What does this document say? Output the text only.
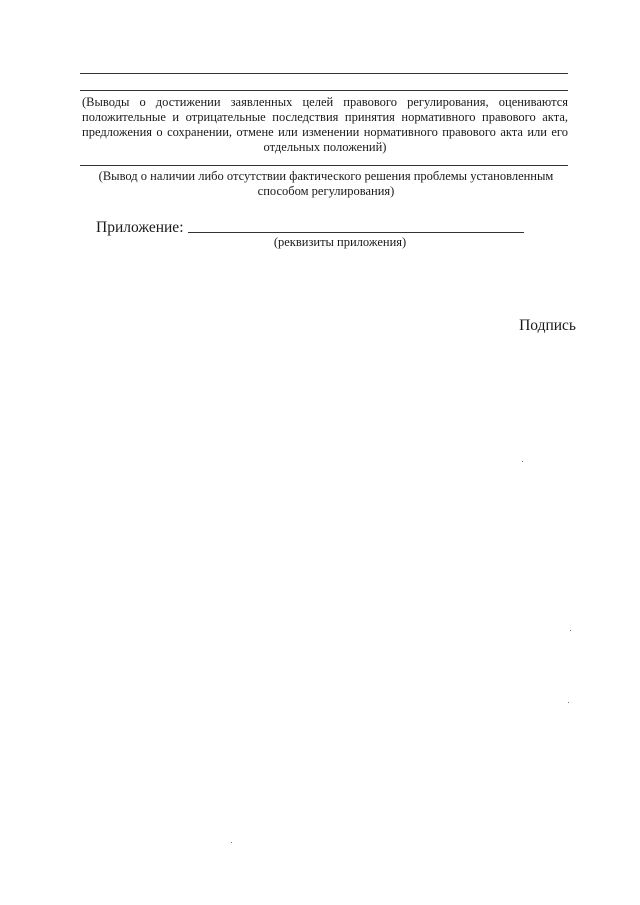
(Выводы о достижении заявленных целей правового регулирования, оцениваются положительные и отрицательные последствия принятия нормативного правового акта, предложения о сохранении, отмене или изменении нормативного правового акта или его отдельных положений)
(Вывод о наличии либо отсутствии фактического решения проблемы установленным способом регулирования)
Приложение:
(реквизиты приложения)
Подпись
